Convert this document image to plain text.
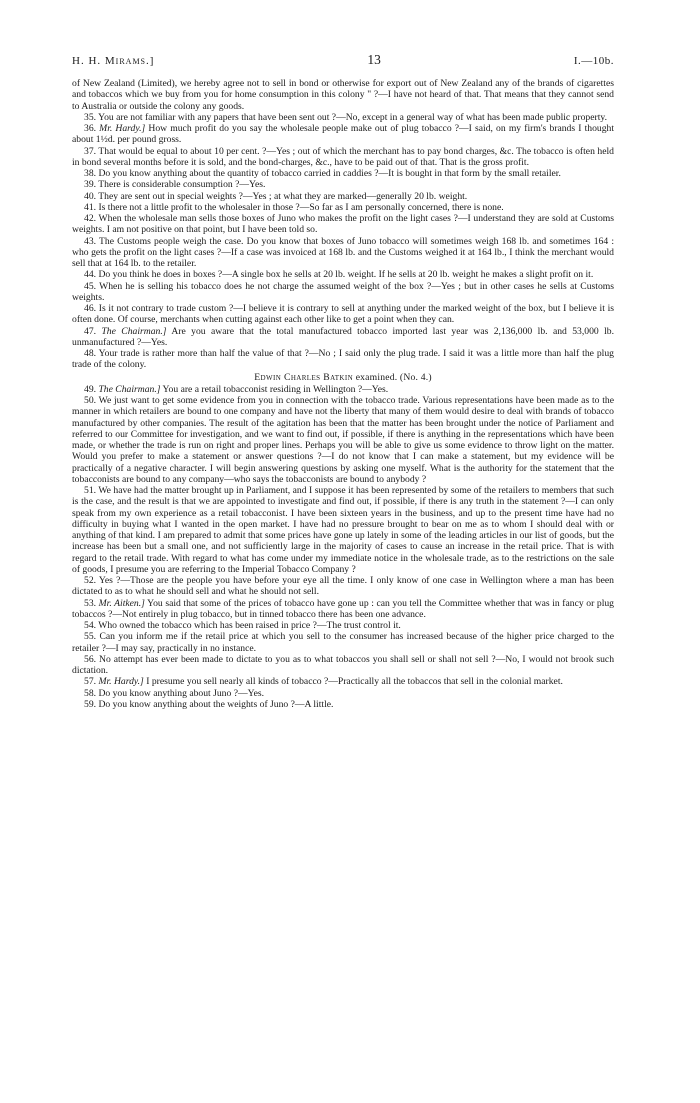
H. H. Mirams.]	13	I.—10b.

of New Zealand (Limited), we hereby agree not to sell in bond or otherwise for export out of New Zealand any of the brands of cigarettes and tobaccos which we buy from you for home consumption in this colony " ?—I have not heard of that. That means that they cannot send to Australia or outside the colony any goods.

35. You are not familiar with any papers that have been sent out ?—No, except in a general way of what has been made public property.

36. Mr. Hardy.] How much profit do you say the wholesale people make out of plug tobacco ?—I said, on my firm's brands I thought about 1½d. per pound gross.

37. That would be equal to about 10 per cent. ?—Yes ; out of which the merchant has to pay bond charges, &c. The tobacco is often held in bond several months before it is sold, and the bond-charges, &c., have to be paid out of that. That is the gross profit.

38. Do you know anything about the quantity of tobacco carried in caddies ?—It is bought in that form by the small retailer.

39. There is considerable consumption ?—Yes.

40. They are sent out in special weights ?—Yes ; at what they are marked—generally 20 lb. weight.

41. Is there not a little profit to the wholesaler in those ?—So far as I am personally concerned, there is none.

42. When the wholesale man sells those boxes of Juno who makes the profit on the light cases ?—I understand they are sold at Customs weights. I am not positive on that point, but I have been told so.

43. The Customs people weigh the case. Do you know that boxes of Juno tobacco will sometimes weigh 168 lb. and sometimes 164 : who gets the profit on the light cases ?—If a case was invoiced at 168 lb. and the Customs weighed it at 164 lb., I think the merchant would sell that at 164 lb. to the retailer.

44. Do you think he does in boxes ?—A single box he sells at 20 lb. weight. If he sells at 20 lb. weight he makes a slight profit on it.

45. When he is selling his tobacco does he not charge the assumed weight of the box ?—Yes ; but in other cases he sells at Customs weights.

46. Is it not contrary to trade custom ?—I believe it is contrary to sell at anything under the marked weight of the box, but I believe it is often done. Of course, merchants when cutting against each other like to get a point when they can.

47. The Chairman.] Are you aware that the total manufactured tobacco imported last year was 2,136,000 lb. and 53,000 lb. unmanufactured ?—Yes.

48. Your trade is rather more than half the value of that ?—No ; I said only the plug trade. I said it was a little more than half the plug trade of the colony.

Edwin Charles Batkin examined. (No. 4.)

49. The Chairman.] You are a retail tobacconist residing in Wellington ?—Yes.

50. We just want to get some evidence from you in connection with the tobacco trade. Various representations have been made as to the manner in which retailers are bound to one company and have not the liberty that many of them would desire to deal with brands of tobacco manufactured by other companies. The result of the agitation has been that the matter has been brought under the notice of Parliament and referred to our Committee for investigation, and we want to find out, if possible, if there is anything in the representations which have been made, or whether the trade is run on right and proper lines. Perhaps you will be able to give us some evidence to throw light on the matter. Would you prefer to make a statement or answer questions ?—I do not know that I can make a statement, but my evidence will be practically of a negative character. I will begin answering questions by asking one myself. What is the authority for the statement that the tobacconists are bound to any company—who says the tobacconists are bound to anybody ?

51. We have had the matter brought up in Parliament, and I suppose it has been represented by some of the retailers to members that such is the case, and the result is that we are appointed to investigate and find out, if possible, if there is any truth in the statement ?—I can only speak from my own experience as a retail tobacconist. I have been sixteen years in the business, and up to the present time have had no difficulty in buying what I wanted in the open market. I have had no pressure brought to bear on me as to whom I should deal with or anything of that kind. I am prepared to admit that some prices have gone up lately in some of the leading articles in our list of goods, but the increase has been but a small one, and not sufficiently large in the majority of cases to cause an increase in the retail price. That is with regard to the retail trade. With regard to what has come under my immediate notice in the wholesale trade, as to the restrictions on the sale of goods, I presume you are referring to the Imperial Tobacco Company ?

52. Yes ?—Those are the people you have before your eye all the time. I only know of one case in Wellington where a man has been dictated to as to what he should sell and what he should not sell.

53. Mr. Aitken.] You said that some of the prices of tobacco have gone up : can you tell the Committee whether that was in fancy or plug tobaccos ?—Not entirely in plug tobacco, but in tinned tobacco there has been one advance.

54. Who owned the tobacco which has been raised in price ?—The trust control it.

55. Can you inform me if the retail price at which you sell to the consumer has increased because of the higher price charged to the retailer ?—I may say, practically in no instance.

56. No attempt has ever been made to dictate to you as to what tobaccos you shall sell or shall not sell ?—No, I would not brook such dictation.

57. Mr. Hardy.] I presume you sell nearly all kinds of tobacco ?—Practically all the tobaccos that sell in the colonial market.

58. Do you know anything about Juno ?—Yes.

59. Do you know anything about the weights of Juno ?—A little.
